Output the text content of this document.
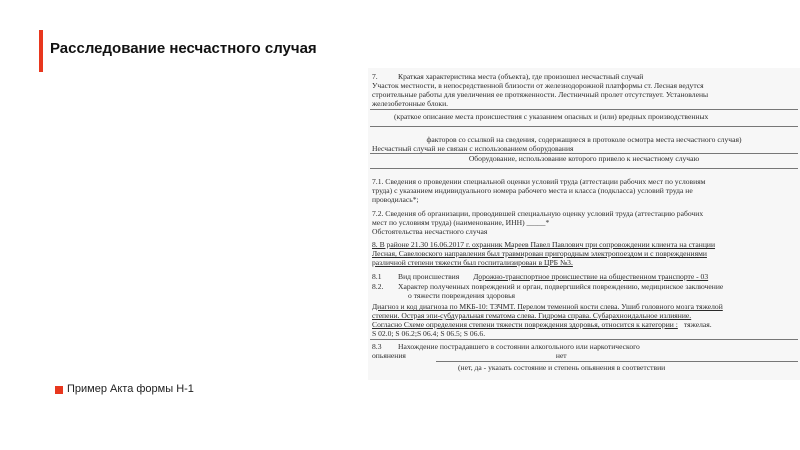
Расследование несчастного случая
7.	Краткая характеристика места (объекта), где произошел несчастный случай
Участок местности, в непосредственной близости от железнодорожной платформы ст. Лесная ведутся
строительные работы для увеличения ее протяженности. Лестничный пролет отсутствует. Установлены
железобетонные блоки.
(краткое описание места происшествия с указанием опасных и (или) вредных производственных
факторов со ссылкой на сведения, содержащиеся в протоколе осмотра места несчастного случая)
Несчастный случай не связан с использованием оборудования
Оборудование, использование которого привело к несчастному случаю
7.1. Сведения о проведении специальной оценки условий труда (аттестации рабочих мест по условиям
труда) с указанием индивидуального номера рабочего места и класса (подкласса) условий труда не
проводилась*;
7.2. Сведения об организации, проводившей специальную оценку условий труда (аттестацию рабочих
мест по условиям труда) (наименование, ИНН) _____*
Обстоятельства несчастного случая
8. В районе 21.30 16.06.2017 г. охранник Мареев Павел Павлович при сопровождении клиента на станции
Лесная, Савеловского направления был травмирован пригородным электропоездом и с повреждениями
различной степени тяжести был госпитализирован в ЦРБ №3.
8.1 Вид происшествия Дорожно-транспортное происшествие на общественном транспорте - 03
8.2. Характер полученных повреждений и орган, подвергшийся повреждению, медицинское заключение
о тяжести повреждения здоровья
Диагноз и код диагноза по МКБ-10: ТЗЧМТ. Перелом теменной кости слева. Ушиб головного мозга тяжелой
степени. Острая эпи-субдуральная гематома слева. Гидрома справа. Субарахноидальное излияние.
Согласно Схеме определения степени тяжести повреждения здоровья, относится к категории : тяжелая.
S 02.0; S 06.2;S 06.4; S 06.5; S 06.6.
8.3 Нахождение пострадавшего в состоянии алкогольного или наркотического
опьянения	нет
(нет, да - указать состояние и степень опьянения в соответствии
Пример Акта формы Н-1
